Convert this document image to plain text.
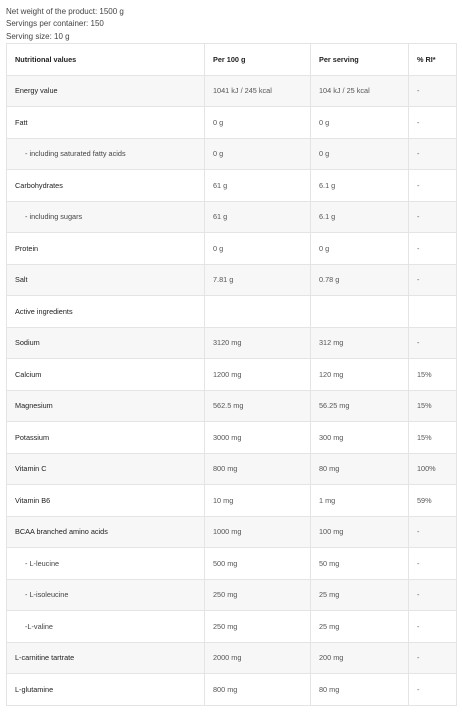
Net weight of the product: 1500 g
Servings per container: 150
Serving size: 10 g
Nutritional values	Per 100 g	Per serving	% RI*
Energy value	1041 kJ / 245 kcal	104 kJ / 25 kcal	-
Fatt	0 g	0 g	-
- including saturated fatty acids	0 g	0 g	-
Carbohydrates	61 g	6.1 g	-
- including sugars	61 g	6.1 g	-
Protein	0 g	0 g	-
Salt	7.81 g	0.78 g	-
Active ingredients			
Sodium	3120 mg	312 mg	-
Calcium	1200 mg	120 mg	15%
Magnesium	562.5 mg	56.25 mg	15%
Potassium	3000 mg	300 mg	15%
Vitamin C	800 mg	80 mg	100%
Vitamin B6	10 mg	1 mg	59%
BCAA branched amino acids	1000 mg	100 mg	-
- L-leucine	500 mg	50 mg	-
- L-isoleucine	250 mg	25 mg	-
-L-valine	250 mg	25 mg	-
L-carnitine tartrate	2000 mg	200 mg	-
L-glutamine	800 mg	80 mg	-
